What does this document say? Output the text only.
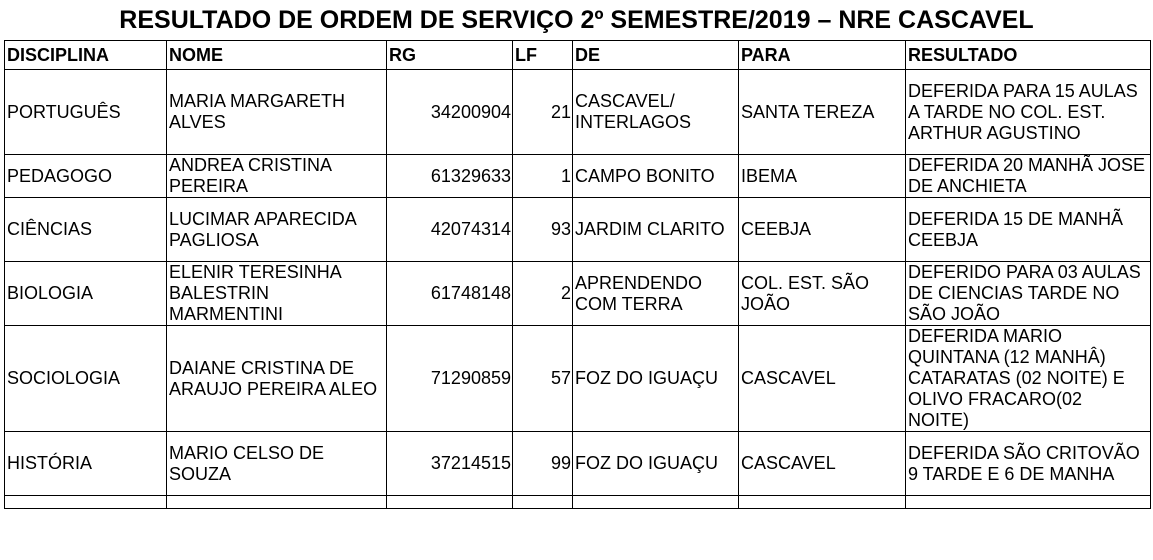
RESULTADO DE ORDEM DE SERVIÇO 2º SEMESTRE/2019 – NRE CASCAVEL
DISCIPLINA	NOME	RG	LF	DE	PARA	RESULTADO
PORTUGUÊS	MARIA MARGARETH ALVES	34200904	21	CASCAVEL/ INTERLAGOS	SANTA TEREZA	DEFERIDA PARA 15 AULAS A TARDE NO COL. EST. ARTHUR AGUSTINO
PEDAGOGO	ANDREA CRISTINA PEREIRA	61329633	1	CAMPO BONITO	IBEMA	DEFERIDA 20 MANHÃ JOSE DE ANCHIETA
CIÊNCIAS	LUCIMAR APARECIDA PAGLIOSA	42074314	93	JARDIM CLARITO	CEEBJA	DEFERIDA 15 DE MANHÃ CEEBJA
BIOLOGIA	ELENIR TERESINHA BALESTRIN MARMENTINI	61748148	2	APRENDENDO COM TERRA	COL. EST. SÃO JOÃO	DEFERIDO PARA 03 AULAS DE CIENCIAS TARDE NO SÃO JOÃO
SOCIOLOGIA	DAIANE CRISTINA DE ARAUJO PEREIRA ALEO	71290859	57	FOZ DO IGUAÇU	CASCAVEL	DEFERIDA MARIO QUINTANA (12 MANHÂ) CATARATAS (02 NOITE) E OLIVO FRACARO(02 NOITE)
HISTÓRIA	MARIO CELSO DE SOUZA	37214515	99	FOZ DO IGUAÇU	CASCAVEL	DEFERIDA SÃO CRITOVÃO 9 TARDE E 6 DE MANHA
